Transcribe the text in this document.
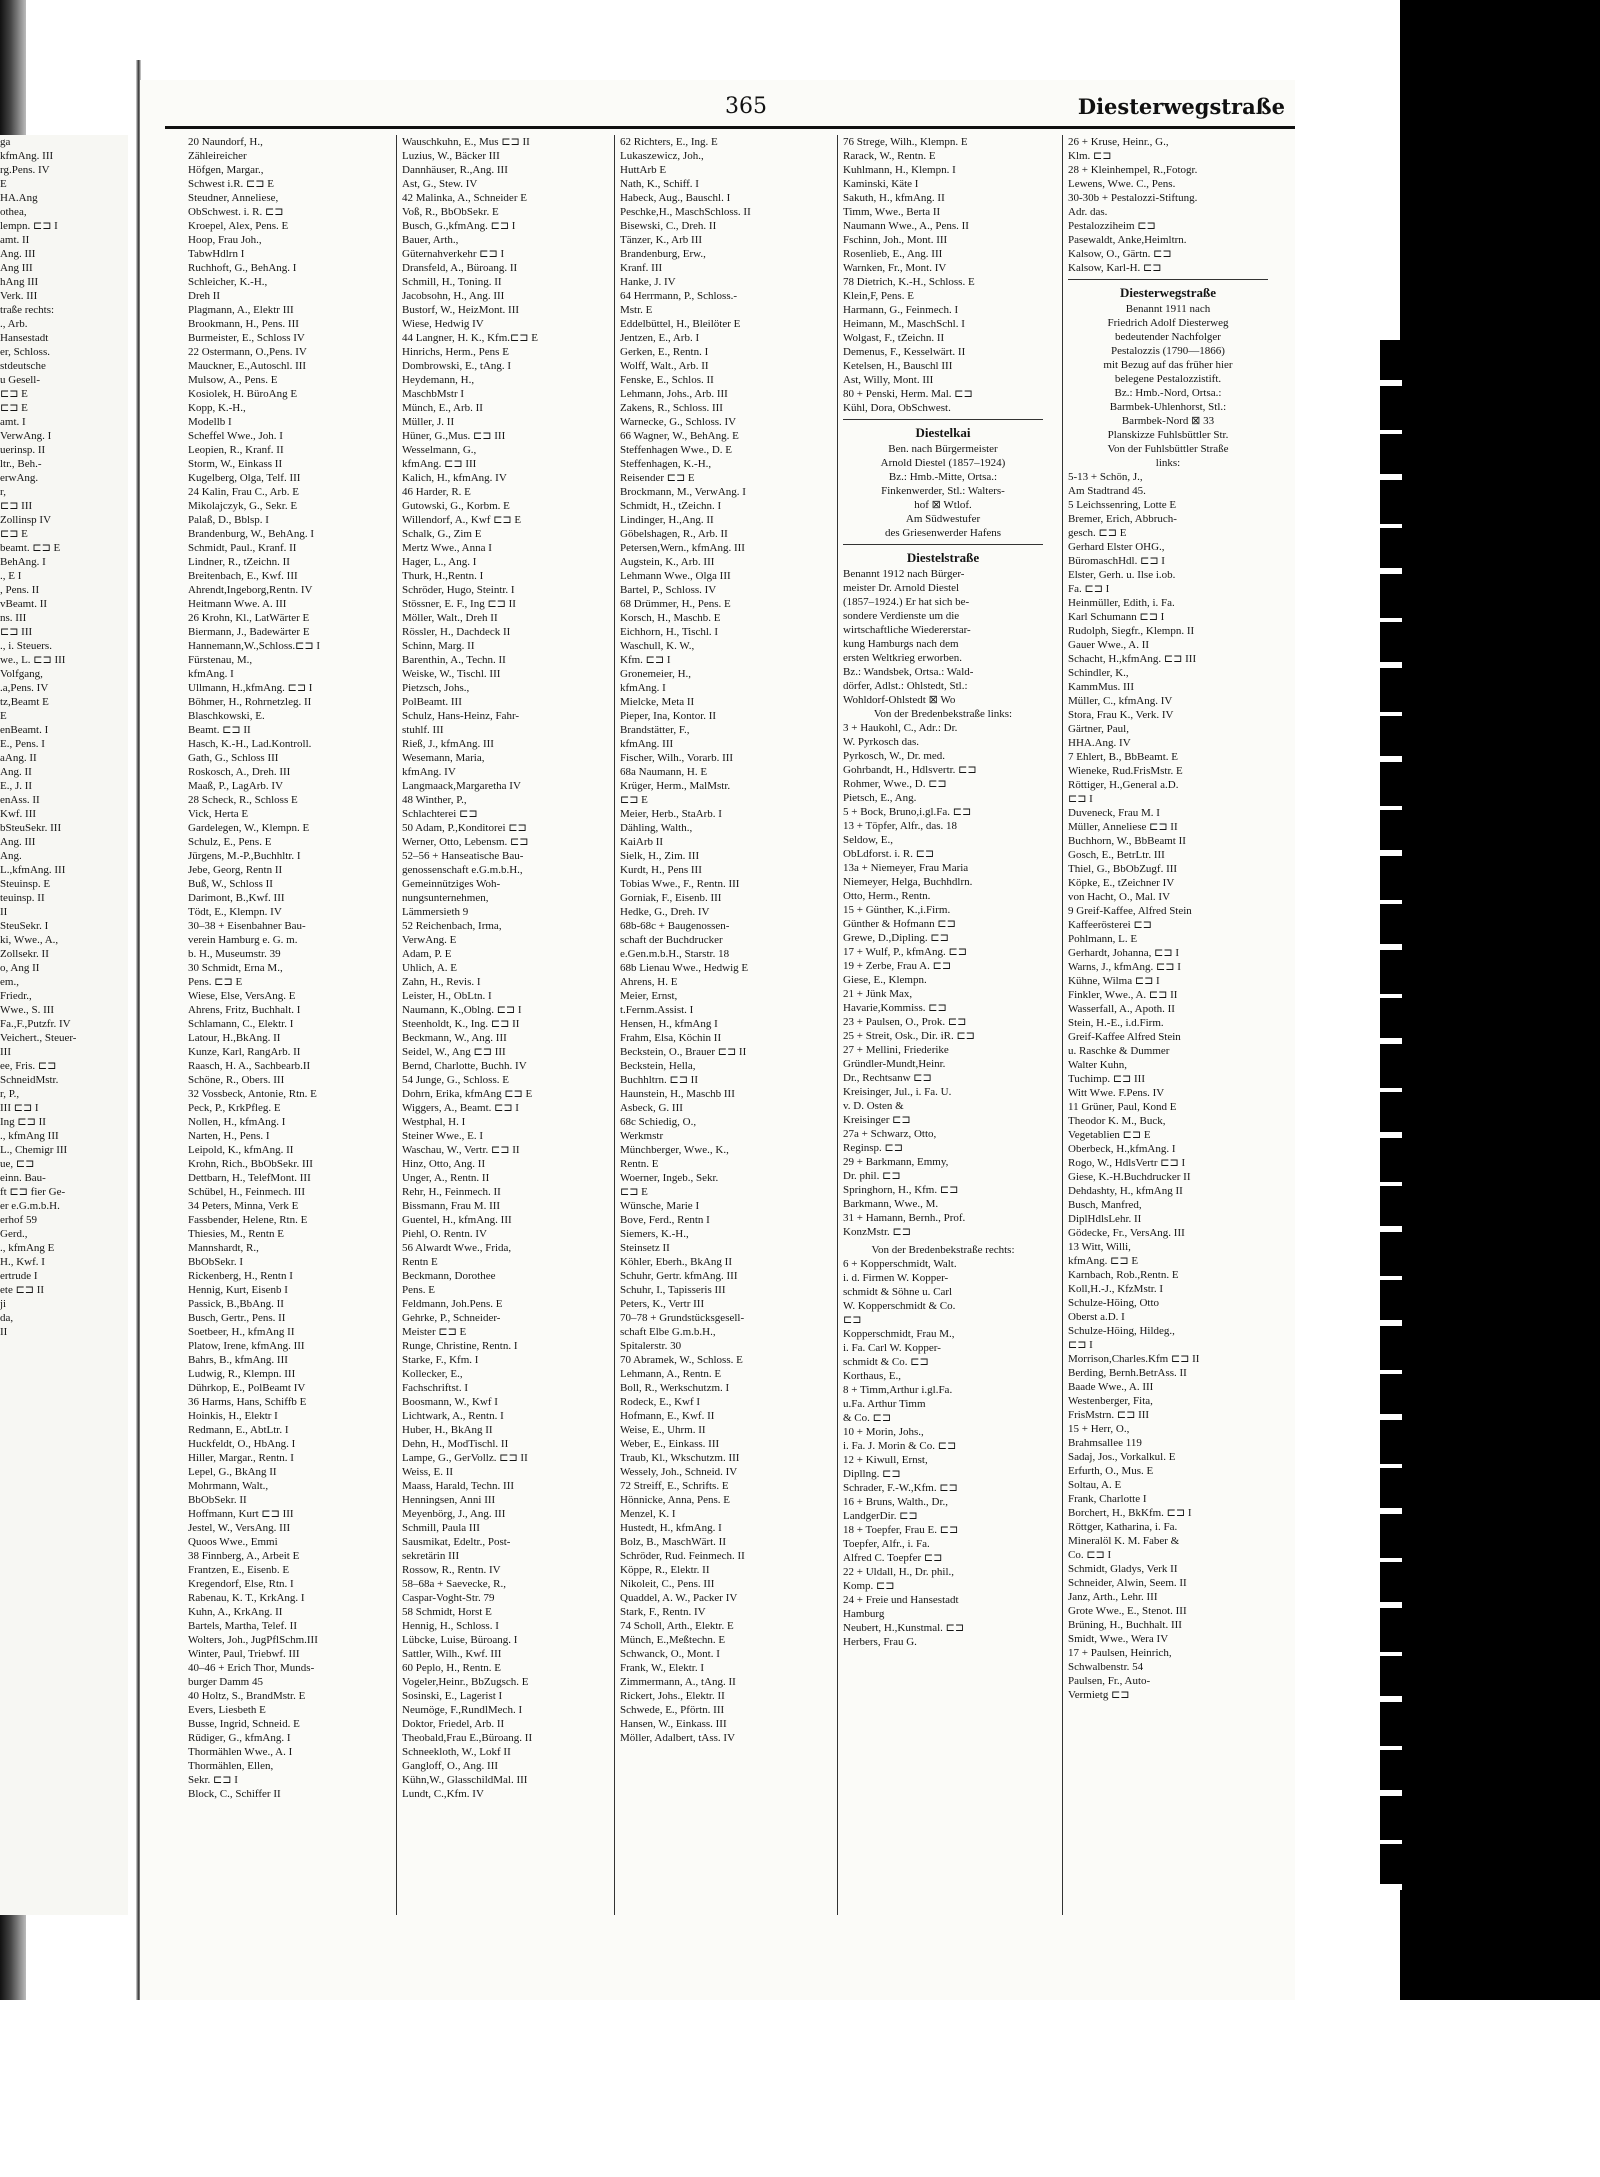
ga
kfmAng. III
rg.Pens. IV
E
HA.Ang
othea,
lempn. ⊏⊐ I
amt. II
Ang. III
Ang III
hAng III
Verk. III
traße rechts:
., Arb.
Hansestadt
er, Schloss.
stdeutsche
u Gesell-
⊏⊐ E
⊏⊐ E
amt. I
VerwAng. I
uerinsp. II
ltr., Beh.-
erwAng.
r,
⊏⊐ III
Zollinsp IV
⊏⊐ E
beamt. ⊏⊐ E
BehAng. I
., E I
, Pens. II
vBeamt. II
ns. III
⊏⊐ III
., i. Steuers.
we., L. ⊏⊐ III
Volfgang,
.a,Pens. IV
tz,Beamt E
E
enBeamt. I
E., Pens. I
aAng. II
Ang. II
E., J. II
enAss. II
Kwf. III
bSteuSekr. III
Ang. III
Ang.
L.,kfmAng. III
Steuinsp. E
teuinsp. II
II
SteuSekr. I
ki, Wwe., A.,
Zollsekr. II
o, Ang II
em.,
Friedr.,
Wwe., S. III
Fa.,F.,Putzfr. IV
Veichert., Steuer-
III
ee, Fris. ⊏⊐
SchneidMstr.
r, P.,
III ⊏⊐ I
Ing ⊏⊐ II
., kfmAng III
L., Chemigr III
ue, ⊏⊐
einn. Bau-
ft ⊏⊐ fier Ge-
er e.G.m.b.H.
erhof 59
Gerd.,
., kfmAng E
H., Kwf. I
ertrude I
ete ⊏⊐ II
ji
da,
II
365	Diesterwegstraße
20 Naundorf, H.,
Zähleireicher
Höfgen, Margar.,
Schwest i.R. ⊏⊐ E
Steudner, Anneliese,
ObSchwest. i. R. ⊏⊐
Kroepel, Alex, Pens. E
Hoop, Frau Joh.,
TabwHdlrn I
Ruchhoft, G., BehAng. I
Schleicher, K.-H.,
Dreh II
Plagmann, A., Elektr III
Brookmann, H., Pens. III
Burmeister, E., Schloss IV
22 Ostermann, O.,Pens. IV
Mauckner, E.,Autoschl. III
Mulsow, A., Pens. E
Kosiolek, H. BüroAng E
Kopp, K.-H.,
Modellb I
Scheffel Wwe., Joh. I
Leopien, R., Kranf. II
Storm, W., Einkass II
Kugelberg, Olga, Telf. III
24 Kalin, Frau C., Arb. E
Mikolajczyk, G., Sekr. E
Palaß, D., Bblsp. I
Brandenburg, W., BehAng. I
Schmidt, Paul., Kranf. II
Lindner, R., tZeichn. II
Breitenbach, E., Kwf. III
Ahrendt,Ingeborg,Rentn. IV
Heitmann Wwe. A. III
26 Krohn, Kl., LatWärter E
Biermann, J., Badewärter E
Hannemann,W.,Schloss.⊏⊐ I
Fürstenau, M.,
kfmAng. I
Ullmann, H.,kfmAng. ⊏⊐ I
Böhmer, H., Rohrnetzleg. II
Blaschkowski, E.
Beamt. ⊏⊐ II
Hasch, K.-H., Lad.Kontroll.
Gath, G., Schloss III
Roskosch, A., Dreh. III
Maaß, P., LagArb. IV
28 Scheck, R., Schloss E
Vick, Herta E
Gardelegen, W., Klempn. E
Schulz, E., Pens. E
Jürgens, M.-P.,Buchhltr. I
Jebe, Georg, Rentn II
Buß, W., Schloss II
Darimont, B.,Kwf. III
Tödt, E., Klempn. IV
30–38 + Eisenbahner Bau-
verein Hamburg e. G. m.
b. H., Museumstr. 39
30 Schmidt, Erna M.,
Pens. ⊏⊐ E
Wiese, Else, VersAng. E
Ahrens, Fritz, Buchhalt. I
Schlamann, C., Elektr. I
Latour, H.,BkAng. II
Kunze, Karl, RangArb. II
Raasch, H. A., Sachbearb.II
Schöne, R., Obers. III
32 Vossbeck, Antonie, Rtn. E
Peck, P., KrkPfleg. E
Nollen, H., kfmAng. I
Narten, H., Pens. I
Leipold, K., kfmAng. II
Krohn, Rich., BbObSekr. III
Dettbarn, H., TelefMont. III
Schübel, H., Feinmech. III
34 Peters, Minna, Verk E
Fassbender, Helene, Rtn. E
Thiesies, M., Rentn E
Mannshardt, R.,
BbObSekr. I
Rickenberg, H., Rentn I
Hennig, Kurt, Eisenb I
Passick, B.,BbAng. II
Busch, Gertr., Pens. II
Soetbeer, H., kfmAng II
Platow, Irene, kfmAng. III
Bahrs, B., kfmAng. III
Ludwig, R., Klempn. III
Dührkop, E., PolBeamt IV
36 Harms, Hans, Schiffb E
Hoinkis, H., Elektr I
Redmann, E., AbtLtr. I
Huckfeldt, O., HbAng. I
Hiller, Margar., Rentn. I
Lepel, G., BkAng II
Mohrmann, Walt.,
BbObSekr. II
Hoffmann, Kurt ⊏⊐ III
Jestel, W., VersAng. III
Quoos Wwe., Emmi
38 Finnberg, A., Arbeit E
Frantzen, E., Eisenb. E
Kregendorf, Else, Rtn. I
Rabenau, K. T., KrkAng. I
Kuhn, A., KrkAng. II
Bartels, Martha, Telef. II
Wolters, Joh., JugPflSchm.III
Winter, Paul, Triebwf. III
40–46 + Erich Thor, Munds-
burger Damm 45
40 Holtz, S., BrandMstr. E
Evers, Liesbeth E
Busse, Ingrid, Schneid. E
Rüdiger, G., kfmAng. I
Thormählen Wwe., A. I
Thormählen, Ellen,
Sekr. ⊏⊐ I
Block, C., Schiffer II
Wauschkuhn, E., Mus ⊏⊐ II
Luzius, W., Bäcker III
Dannhäuser, R.,Ang. III
Ast, G., Stew. IV
42 Malinka, A., Schneider E
Voß, R., BbObSekr. E
Busch, G.,kfmAng. ⊏⊐ I
Bauer, Arth.,
Güternahverkehr ⊏⊐ I
Dransfeld, A., Büroang. II
Schmill, H., Toning. II
Jacobsohn, H., Ang. III
Bustorf, W., HeizMont. III
Wiese, Hedwig IV
44 Langner, H. K., Kfm.⊏⊐ E
Hinrichs, Herm., Pens E
Dombrowski, E., tAng. I
Heydemann, H.,
MaschbMstr I
Münch, E., Arb. II
Müller, J. II
Hüner, G.,Mus. ⊏⊐ III
Wesselmann, G.,
kfmAng. ⊏⊐ III
Kalich, H., kfmAng. IV
46 Harder, R. E
Gutowski, G., Korbm. E
Willendorf, A., Kwf ⊏⊐ E
Schalk, G., Zim E
Mertz Wwe., Anna I
Hager, L., Ang. I
Thurk, H.,Rentn. I
Schröder, Hugo, Steintr. I
Stössner, E. F., Ing ⊏⊐ II
Möller, Walt., Dreh II
Rössler, H., Dachdeck II
Schinn, Marg. II
Barenthin, A., Techn. II
Weiske, W., Tischl. III
Pietzsch, Johs.,
PolBeamt. III
Schulz, Hans-Heinz, Fahr-
stuhlf. III
Rieß, J., kfmAng. III
Wesemann, Maria,
kfmAng. IV
Langmaack,Margaretha IV
48 Winther, P.,
Schlachterei ⊏⊐
50 Adam, P.,Konditorei ⊏⊐
Werner, Otto, Lebensm. ⊏⊐
52–56 + Hanseatische Bau-
genossenschaft e.G.m.b.H.,
Gemeinnütziges Woh-
nungsunternehmen,
Lämmersieth 9
52 Reichenbach, Irma,
VerwAng. E
Adam, P. E
Uhlich, A. E
Zahn, H., Revis. I
Leister, H., ObLtn. I
Naumann, K.,Oblng. ⊏⊐ I
Steenholdt, K., Ing. ⊏⊐ II
Beckmann, W., Ang. III
Seidel, W., Ang ⊏⊐ III
Bernd, Charlotte, Buchh. IV
54 Junge, G., Schloss. E
Dohrn, Erika, kfmAng ⊏⊐ E
Wiggers, A., Beamt. ⊏⊐ I
Westphal, H. I
Steiner Wwe., E. I
Waschau, W., Vertr. ⊏⊐ II
Hinz, Otto, Ang. II
Unger, A., Rentn. II
Rehr, H., Feinmech. II
Bissmann, Frau M. III
Guentel, H., kfmAng. III
Piehl, O. Rentn. IV
56 Alwardt Wwe., Frida,
Rentn E
Beckmann, Dorothee
Pens. E
Feldmann, Joh.Pens. E
Gehrke, P., Schneider-
Meister ⊏⊐ E
Runge, Christine, Rentn. I
Starke, F., Kfm. I
Kollecker, E.,
Fachschriftst. I
Boosmann, W., Kwf I
Lichtwark, A., Rentn. I
Huber, H., BkAng II
Dehn, H., ModTischl. II
Lampe, G., GerVollz. ⊏⊐ II
Weiss, E. II
Maass, Harald, Techn. III
Henningsen, Anni III
Meyenbörg, J., Ang. III
Schmill, Paula III
Sausmikat, Edeltr., Post-
sekretärin III
Rossow, R., Rentn. IV
58–68a + Saevecke, R.,
Caspar-Voght-Str. 79
58 Schmidt, Horst E
Hennig, H., Schloss. I
Lübcke, Luise, Büroang. I
Sattler, Wilh., Kwf. III
60 Peplo, H., Rentn. E
Vogeler,Heinr., BbZugsch. E
Sosinski, E., Lagerist I
Neumöge, F.,RundlMech. I
Doktor, Friedel, Arb. II
Theobald,Frau E.,Büroang. II
Schneekloth, W., Lokf II
Gangloff, O., Ang. III
Kühn,W., GlasschildMal. III
Lundt, C.,Kfm. IV
62 Richters, E., Ing. E
Lukaszewicz, Joh.,
HuttArb E
Nath, K., Schiff. I
Habeck, Aug., Bauschl. I
Peschke,H., MaschSchloss. II
Bisewski, C., Dreh. II
Tänzer, K., Arb III
Brandenburg, Erw.,
Kranf. III
Hanke, J. IV
64 Herrmann, P., Schloss.-
Mstr. E
Eddelbüttel, H., Bleilöter E
Jentzen, E., Arb. I
Gerken, E., Rentn. I
Wolff, Walt., Arb. II
Fenske, E., Schlos. II
Lehmann, Johs., Arb. III
Zakens, R., Schloss. III
Warnecke, G., Schloss. IV
66 Wagner, W., BehAng. E
Steffenhagen Wwe., D. E
Steffenhagen, K.-H.,
Reisender ⊏⊐ E
Brockmann, M., VerwAng. I
Schmidt, H., tZeichn. I
Lindinger, H.,Ang. II
Göbelshagen, R., Arb. II
Petersen,Wern., kfmAng. III
Augstein, K., Arb. III
Lehmann Wwe., Olga III
Bartel, P., Schloss. IV
68 Drümmer, H., Pens. E
Korsch, H., Maschb. E
Eichhorn, H., Tischl. I
Waschull, K. W.,
Kfm. ⊏⊐ I
Gronemeier, H.,
kfmAng. I
Mielcke, Meta II
Pieper, Ina, Kontor. II
Brandstätter, F.,
kfmAng. III
Fischer, Wilh., Vorarb. III
68a Naumann, H. E
Krüger, Herm., MalMstr.
⊏⊐ E
Meier, Herb., StaArb. I
Dähling, Walth.,
KaiArb II
Sielk, H., Zim. III
Kurdt, H., Pens III
Tobias Wwe., F., Rentn. III
Gorniak, F., Eisenb. III
Hedke, G., Dreh. IV
68b-68c + Baugenossen-
schaft der Buchdrucker
e.Gen.m.b.H., Starstr. 18
68b Lienau Wwe., Hedwig E
Ahrens, H. E
Meier, Ernst,
t.Fernm.Assist. I
Hensen, H., kfmAng I
Frahm, Elsa, Köchin II
Beckstein, O., Brauer ⊏⊐ II
Beckstein, Hella,
Buchhltrn. ⊏⊐ II
Haunstein, H., Maschb III
Asbeck, G. III
68c Schiedig, O.,
Werkmstr
Münchberger, Wwe., K.,
Rentn. E
Woerner, Ingeb., Sekr.
⊏⊐ E
Wünsche, Marie I
Bove, Ferd., Rentn I
Siemers, K.-H.,
Steinsetz II
Köhler, Eberh., BkAng II
Schuhr, Gertr. kfmAng. III
Schuhr, I., Tapisseris III
Peters, K., Vertr III
70–78 + Grundstücksgesell-
schaft Elbe G.m.b.H.,
Spitalerstr. 30
70 Abramek, W., Schloss. E
Lehmann, A., Rentn. E
Boll, R., Werkschutzm. I
Rodeck, E., Kwf I
Hofmann, E., Kwf. II
Weise, E., Uhrm. II
Weber, E., Einkass. III
Traub, Kl., Wkschutzm. III
Wessely, Joh., Schneid. IV
72 Streiff, E., Schrifts. E
Hönnicke, Anna, Pens. E
Menzel, K. I
Hustedt, H., kfmAng. I
Bolz, B., MaschWärt. II
Schröder, Rud. Feinmech. II
Köppe, R., Elektr. II
Nikoleit, C., Pens. III
Quaddel, A. W., Packer IV
Stark, F., Rentn. IV
74 Scholl, Arth., Elektr. E
Münch, E.,Meßtechn. E
Schwanck, O., Mont. I
Frank, W., Elektr. I
Zimmermann, A., tAng. II
Rickert, Johs., Elektr. II
Schwede, E., Pförtn. III
Hansen, W., Einkass. III
Möller, Adalbert, tAss. IV
76 Strege, Wilh., Klempn. E
Rarack, W., Rentn. E
Kuhlmann, H., Klempn. I
Kaminski, Käte I
Sakuth, H., kfmAng. II
Timm, Wwe., Berta II
Naumann Wwe., A., Pens. II
Fschinn, Joh., Mont. III
Rosenlieb, E., Ang. III
Warnken, Fr., Mont. IV
78 Dietrich, K.-H., Schloss. E
Klein,F, Pens. E
Harmann, G., Feinmech. I
Heimann, M., MaschSchl. I
Wolgast, F., tZeichn. II
Demenus, F., Kesselwärt. II
Ketelsen, H., Bauschl III
Ast, Willy, Mont. III
80 + Penski, Herm. Mal. ⊏⊐
Kühl, Dora, ObSchwest.
Diestelkai
Ben. nach Bürgermeister
Arnold Diestel (1857–1924)
Bz.: Hmb.-Mitte, Ortsa.:
Finkenwerder, Stl.: Walters-
hof ⊠ Wtlof.
Am Südwestufer
des Griesenwerder Hafens
Diestelstraße
Benannt 1912 nach Bürger-
meister Dr. Arnold Diestel
(1857–1924.) Er hat sich be-
sondere Verdienste um die
wirtschaftliche Wiedererstar-
kung Hamburgs nach dem
ersten Weltkrieg erworben.
Bz.: Wandsbek, Ortsa.: Wald-
dörfer, Adlst.: Ohlstedt, Stl.:
Wohldorf-Ohlstedt ⊠ Wo
Von der Bredenbekstraße links:
3 + Haukohl, C., Adr.: Dr.
W. Pyrkosch das.
Pyrkosch, W., Dr. med.
Gohrbandt, H., Hdlsvertr. ⊏⊐
Rohmer, Wwe., D. ⊏⊐
Pietsch, E., Ang.
5 + Bock, Bruno,i.gl.Fa. ⊏⊐
13 + Töpfer, Alfr., das. 18
Seldow, E.,
ObLdforst. i. R. ⊏⊐
13a + Niemeyer, Frau Maria
Niemeyer, Helga, Buchhdlrn.
Otto, Herm., Rentn.
15 + Günther, K.,i.Firm.
Günther & Hofmann ⊏⊐
Grewe, D.,Dipling. ⊏⊐
17 + Wulf, P., kfmAng. ⊏⊐
19 + Zerbe, Frau A. ⊏⊐
Giese, E., Klempn.
21 + Jünk Max,
Havarie,Kommiss. ⊏⊐
23 + Paulsen, O., Prok. ⊏⊐
25 + Streit, Osk., Dir. iR. ⊏⊐
27 + Mellini, Friederike
Gründler-Mundt,Heinr.
Dr., Rechtsanw ⊏⊐
Kreisinger, Jul., i. Fa. U.
v. D. Osten &
Kreisinger ⊏⊐
27a + Schwarz, Otto,
Reginsp. ⊏⊐
29 + Barkmann, Emmy,
Dr. phil. ⊏⊐
Springhorn, H., Kfm. ⊏⊐
Barkmann, Wwe., M.
31 + Hamann, Bernh., Prof.
KonzMstr. ⊏⊐
Von der Bredenbekstraße rechts:
6 + Kopperschmidt, Walt.
i. d. Firmen W. Kopper-
schmidt & Söhne u. Carl
W. Kopperschmidt & Co.
⊏⊐
Kopperschmidt, Frau M.,
i. Fa. Carl W. Kopper-
schmidt & Co. ⊏⊐
Korthaus, E.,
8 + Timm,Arthur i.gl.Fa.
u.Fa. Arthur Timm
& Co. ⊏⊐
10 + Morin, Johs.,
i. Fa. J. Morin & Co. ⊏⊐
12 + Kiwull, Ernst,
Dipllng. ⊏⊐
Schrader, F.-W.,Kfm. ⊏⊐
16 + Bruns, Walth., Dr.,
LandgerDir. ⊏⊐
18 + Toepfer, Frau E. ⊏⊐
Toepfer, Alfr., i. Fa.
Alfred C. Toepfer ⊏⊐
22 + Uldall, H., Dr. phil.,
Komp. ⊏⊐
24 + Freie und Hansestadt
Hamburg
Neubert, H.,Kunstmal. ⊏⊐
Herbers, Frau G.
26 + Kruse, Heinr., G.,
Klm. ⊏⊐
28 + Kleinhempel, R.,Fotogr.
Lewens, Wwe. C., Pens.
30-30b + Pestalozzi-Stiftung.
Adr. das.
Pestalozziheim ⊏⊐
Pasewaldt, Anke,Heimltrn.
Kalsow, O., Gärtn. ⊏⊐
Kalsow, Karl-H. ⊏⊐
Diesterwegstraße
Benannt 1911 nach
Friedrich Adolf Diesterweg
bedeutender Nachfolger
Pestalozzis (1790—1866)
mit Bezug auf das früher hier
belegene Pestalozzistift.
Bz.: Hmb.-Nord, Ortsa.:
Barmbek-Uhlenhorst, Stl.:
Barmbek-Nord ⊠ 33
Planskizze Fuhlsbüttler Str.
Von der Fuhlsbüttler Straße
links:
5-13 + Schön, J.,
Am Stadtrand 45.
5 Leichssenring, Lotte E
Bremer, Erich, Abbruch-
gesch. ⊏⊐ E
Gerhard Elster OHG.,
BüromaschHdl. ⊏⊐ I
Elster, Gerh. u. Ilse i.ob.
Fa. ⊏⊐ I
Heinmüller, Edith, i. Fa.
Karl Schumann ⊏⊐ I
Rudolph, Siegfr., Klempn. II
Gauer Wwe., A. II
Schacht, H.,kfmAng. ⊏⊐ III
Schindler, K.,
KammMus. III
Müller, C., kfmAng. IV
Stora, Frau K., Verk. IV
Gärtner, Paul,
HHA.Ang. IV
7 Ehlert, B., BbBeamt. E
Wieneke, Rud.FrisMstr. E
Röttiger, H.,General a.D.
⊏⊐ I
Duveneck, Frau M. I
Müller, Anneliese ⊏⊐ II
Buchhorn, W., BbBeamt II
Gosch, E., BetrLtr. III
Thiel, G., BbObZugf. III
Köpke, E., tZeichner IV
von Hacht, O., Mal. IV
9 Greif-Kaffee, Alfred Stein
Kaffeerösterei ⊏⊐
Pohlmann, L. E
Gerhardt, Johanna, ⊏⊐ I
Warns, J., kfmAng. ⊏⊐ I
Kühne, Wilma ⊏⊐ I
Finkler, Wwe., A. ⊏⊐ II
Wasserfall, A., Apoth. II
Stein, H.-E., i.d.Firm.
Greif-Kaffee Alfred Stein
u. Raschke & Dummer
Walter Kuhn,
Tuchimp. ⊏⊐ III
Witt Wwe. F.Pens. IV
11 Grüner, Paul, Kond E
Theodor K. M., Buck,
Vegetablien ⊏⊐ E
Oberbeck, H.,kfmAng. I
Rogo, W., HdlsVertr ⊏⊐ I
Giese, K.-H.Buchdrucker II
Dehdashty, H., kfmAng II
Busch, Manfred,
DiplHdlsLehr. II
Gödecke, Fr., VersAng. III
13 Witt, Willi,
kfmAng. ⊏⊐ E
Karnbach, Rob.,Rentn. E
Koll,H.-J., KfzMstr. I
Schulze-Höing, Otto
Oberst a.D. I
Schulze-Höing, Hildeg.,
⊏⊐ I
Morrison,Charles.Kfm ⊏⊐ II
Berding, Bernh.BetrAss. II
Baade Wwe., A. III
Westenberger, Fita,
FrisMstrn. ⊏⊐ III
15 + Herr, O.,
Brahmsallee 119
Sadaj, Jos., Vorkalkul. E
Erfurth, O., Mus. E
Soltau, A. E
Frank, Charlotte I
Borchert, H., BkKfm. ⊏⊐ I
Röttger, Katharina, i. Fa.
Mineralöl K. M. Faber &
Co. ⊏⊐ I
Schmidt, Gladys, Verk II
Schneider, Alwin, Seem. II
Janz, Arth., Lehr. III
Grote Wwe., E., Stenot. III
Brüning, H., Buchhalt. III
Smidt, Wwe., Wera IV
17 + Paulsen, Heinrich,
Schwalbenstr. 54
Paulsen, Fr., Auto-
Vermietg ⊏⊐
